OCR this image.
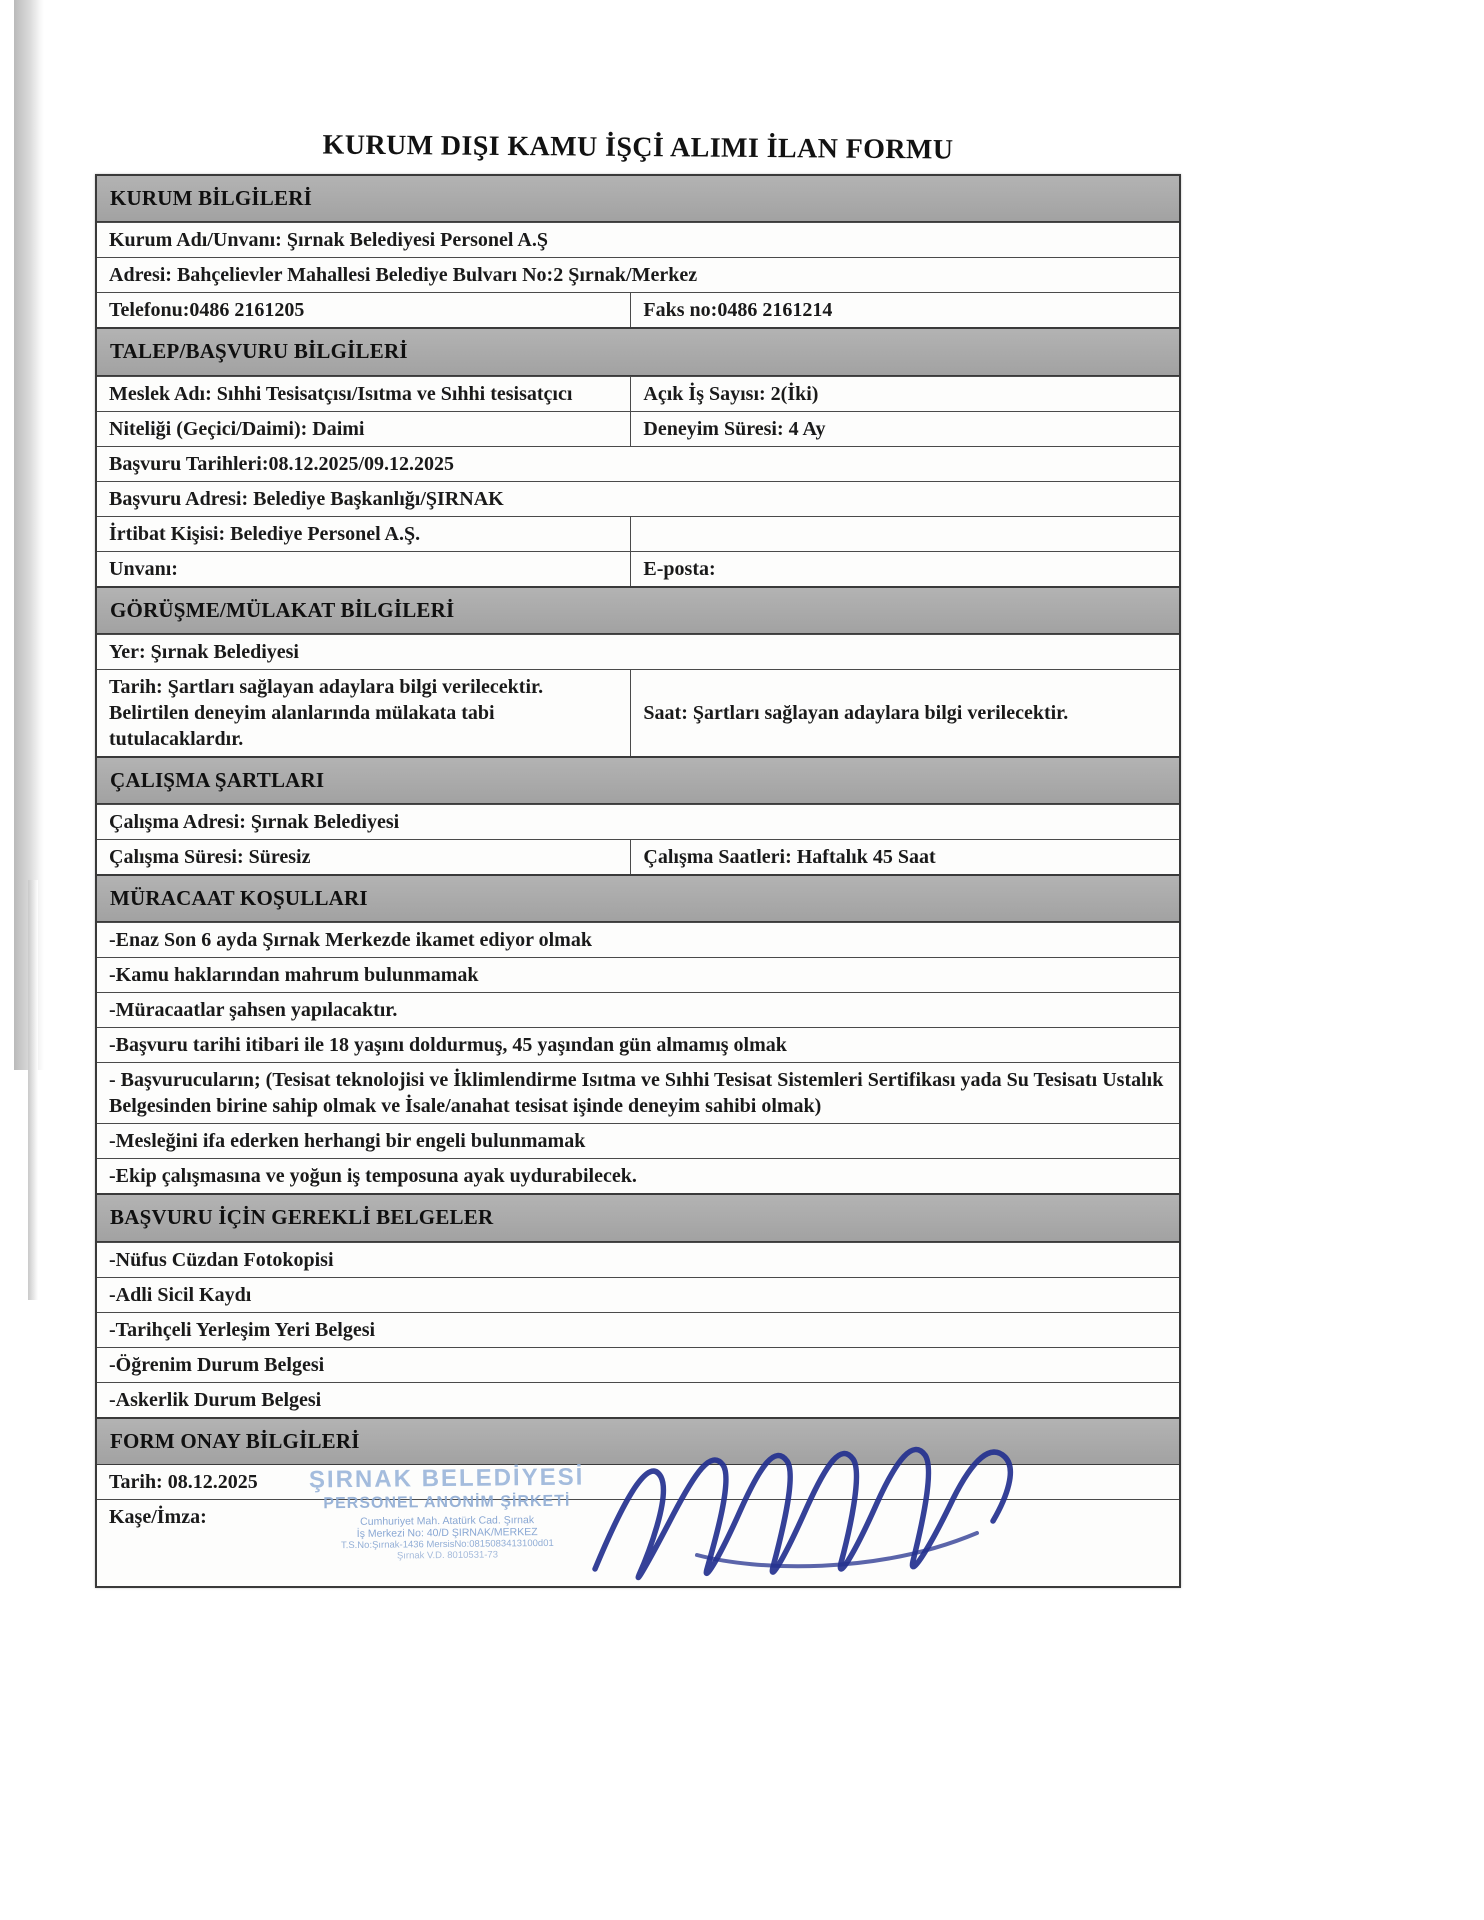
KURUM DIŞI KAMU İŞÇİ ALIMI İLAN FORMU
KURUM BİLGİLERİ
Kurum Adı/Unvanı: Şırnak Belediyesi Personel A.Ş
Adresi: Bahçelievler Mahallesi Belediye Bulvarı No:2 Şırnak/Merkez
Telefonu:0486 2161205	Faks no:0486 2161214
TALEP/BAŞVURU BİLGİLERİ
Meslek Adı: Sıhhi Tesisatçısı/Isıtma ve Sıhhi tesisatçıcı	Açık İş Sayısı: 2(İki)
Niteliği (Geçici/Daimi): Daimi	Deneyim Süresi: 4 Ay
Başvuru Tarihleri:08.12.2025/09.12.2025
Başvuru Adresi: Belediye Başkanlığı/ŞIRNAK
İrtibat Kişisi: Belediye Personel A.Ş.
Unvanı:	E-posta:
GÖRÜŞME/MÜLAKAT BİLGİLERİ
Yer: Şırnak Belediyesi
Tarih: Şartları sağlayan adaylara bilgi verilecektir. Belirtilen deneyim alanlarında mülakata tabi tutulacaklardır.
Saat: Şartları sağlayan adaylara bilgi verilecektir.
ÇALIŞMA ŞARTLARI
Çalışma Adresi: Şırnak Belediyesi
Çalışma Süresi: Süresiz	Çalışma Saatleri: Haftalık 45 Saat
MÜRACAAT KOŞULLARI
-Enaz Son 6 ayda Şırnak Merkezde ikamet ediyor olmak
-Kamu haklarından mahrum bulunmamak
-Müracaatlar şahsen yapılacaktır.
-Başvuru tarihi itibari ile 18 yaşını doldurmuş, 45 yaşından gün almamış olmak
- Başvurucuların; (Tesisat teknolojisi ve İklimlendirme Isıtma ve Sıhhi Tesisat Sistemleri Sertifikası yada Su Tesisatı Ustalık Belgesinden birine sahip olmak ve İsale/anahat tesisat işinde deneyim sahibi olmak)
-Mesleğini ifa ederken herhangi bir engeli bulunmamak
-Ekip çalışmasına ve yoğun iş temposuna ayak uydurabilecek.
BAŞVURU İÇİN GEREKLİ BELGELER
-Nüfus Cüzdan Fotokopisi
-Adli Sicil Kaydı
-Tarihçeli Yerleşim Yeri Belgesi
-Öğrenim Durum Belgesi
-Askerlik Durum Belgesi
FORM ONAY BİLGİLERİ
Tarih: 08.12.2025
Kaşe/İmza:
ŞIRNAK BELEDİYESİ
PERSONEL ANONİM ŞİRKETİ
Cumhuriyet Mah. Atatürk Cad. Şırnak
İş Merkezi No: 40/D ŞIRNAK/MERKEZ
T.S.No:Şırnak-1436 MersisNo:0815083413100d01
Şırnak V.D. 8010531-73
